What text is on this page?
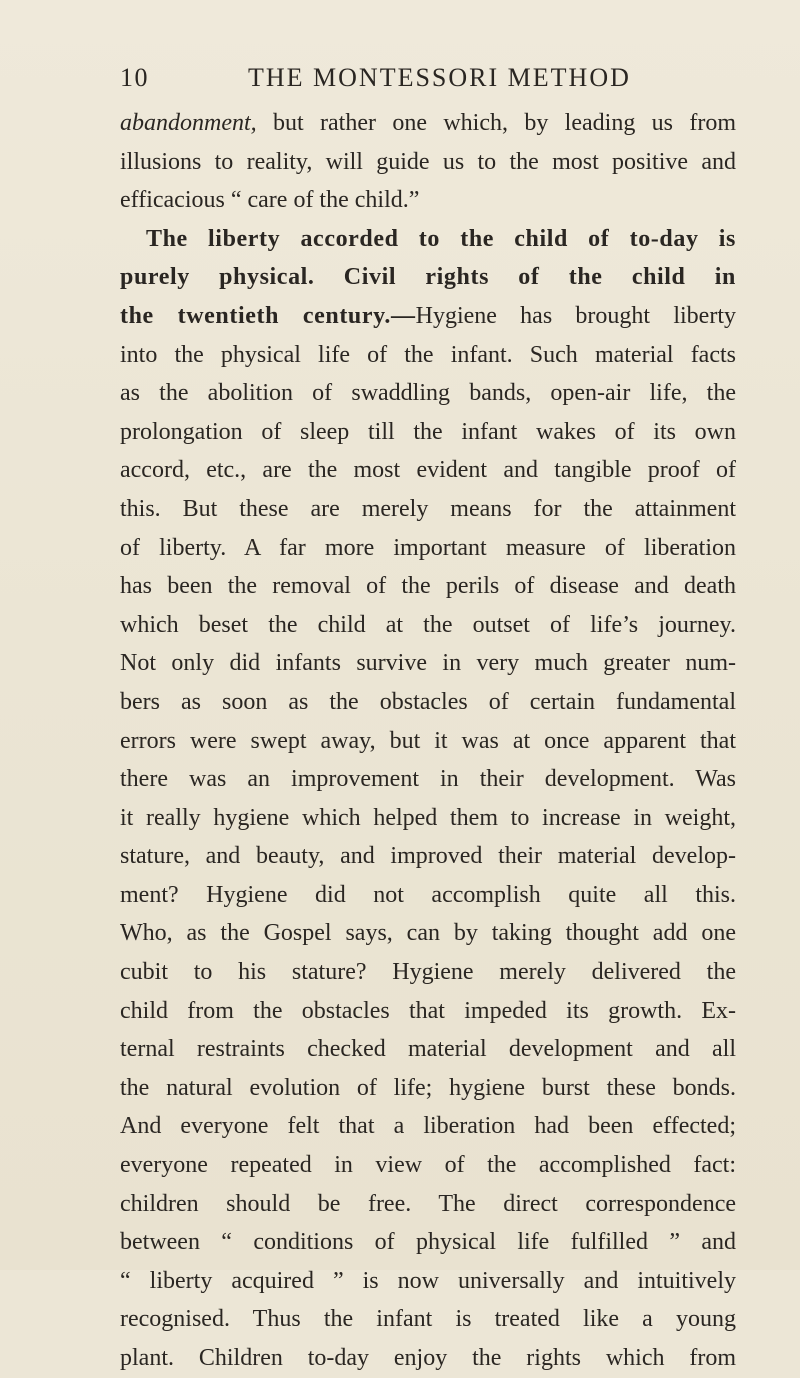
10	THE MONTESSORI METHOD
abandonment, but rather one which, by leading us from
illusions to reality, will guide us to the most positive and
efficacious “ care of the child.”
The liberty accorded to the child of to-day is
purely physical. Civil rights of the child in
the twentieth century.—Hygiene has brought liberty
into the physical life of the infant. Such material facts
as the abolition of swaddling bands, open-air life, the
prolongation of sleep till the infant wakes of its own
accord, etc., are the most evident and tangible proof of
this. But these are merely means for the attainment
of liberty. A far more important measure of liberation
has been the removal of the perils of disease and death
which beset the child at the outset of life’s journey.
Not only did infants survive in very much greater num-
bers as soon as the obstacles of certain fundamental
errors were swept away, but it was at once apparent that
there was an improvement in their development. Was
it really hygiene which helped them to increase in weight,
stature, and beauty, and improved their material develop-
ment? Hygiene did not accomplish quite all this.
Who, as the Gospel says, can by taking thought add one
cubit to his stature? Hygiene merely delivered the
child from the obstacles that impeded its growth. Ex-
ternal restraints checked material development and all
the natural evolution of life; hygiene burst these bonds.
And everyone felt that a liberation had been effected;
everyone repeated in view of the accomplished fact:
children should be free. The direct correspondence
between “ conditions of physical life fulfilled ” and
“ liberty acquired ” is now universally and intuitively
recognised. Thus the infant is treated like a young
plant. Children to-day enjoy the rights which from
